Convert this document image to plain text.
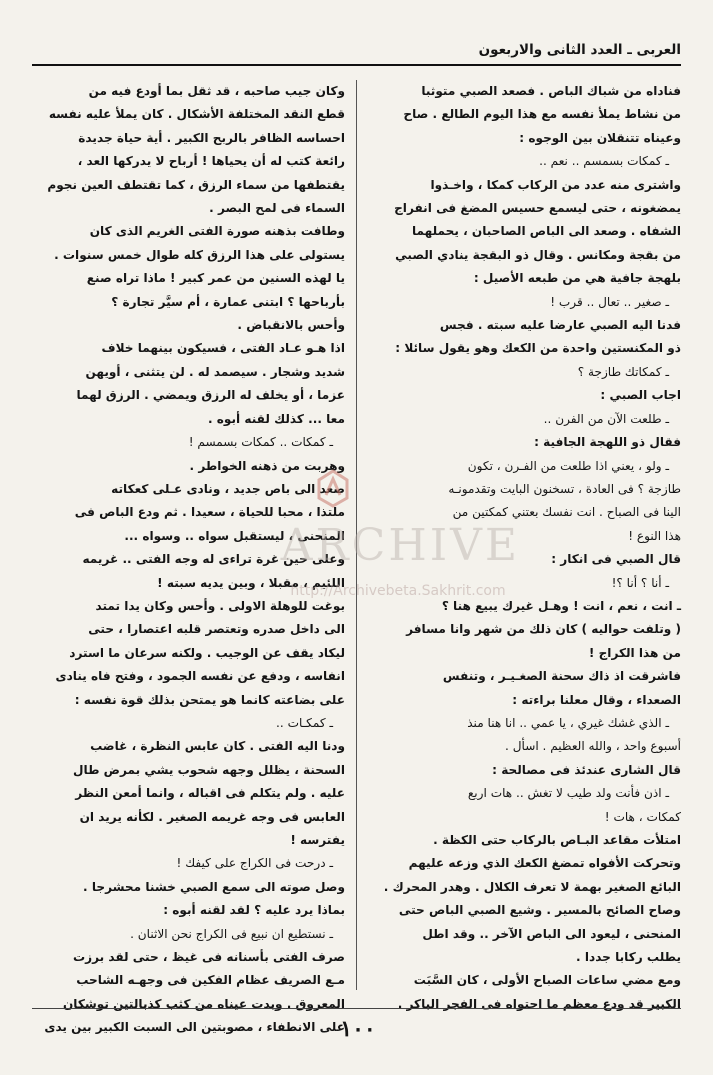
العربى ـ العدد الثانى والاربعون
فناداه من شباك الباص . فصعد الصبي متوثبا
من نشاط يملأ نفسه مع هذا اليوم الطالع . صاح
وعيناه تتنقلان بين الوجوه :
ـ كمكات بسمسم .. نعم ..
واشترى منه عدد من الركاب كمكا ، واخـذوا
يمضغونه ، حتى ليسمع حسيس المضغ فى انفراج
الشفاه . وصعد الى الباص الصاحبان ، يحملهما
من بقجة ومكانس . وقال ذو البقجة ينادي الصبي
بلهجة جافية هي من طبعه الأصيل :
ـ صغير .. تعال .. قرب !
فدنا اليه الصبي عارضا عليه سبته . فجس
ذو المكنستين واحدة من الكعك وهو يقول سائلا :
ـ كمكاتك طازجة ؟
اجاب الصبي :
ـ طلعت الآن من الفرن ..
فقال ذو اللهجة الجافية :
ـ ولو ، يعني اذا طلعت من الفـرن ، تكون
طازجة ؟ فى العادة ، تسخنون البايت وتقدمونـه
الينا فى الصباح . انت نفسك بعتني كمكتين من
هذا النوع !
قال الصبي فى انكار :
ـ أنا ؟ أنا ؟!
ـ انت ، نعم ، انت ! وهـل غيرك يبيع هنا ؟
( وتلفت حواليه ) كان ذلك من شهر وانا مسافر
من هذا الكراج !
فاشرقت اذ ذاك سحنة الصغـيـر ، وتنفس
الصعداء ، وقال معلنا براءته :
ـ الذي غشك غيري ، يا عمي .. انا هنا منذ
أسبوع واحد ، والله العظيم . اسأل .
قال الشارى عندئذ فى مصالحة :
ـ اذن فأنت ولد طيب لا تغش .. هات اربع
كمكات ، هات !
امتلأت مقاعد البـاص بالركاب حتى الكظة .
وتحركت الأفواه تمضغ الكعك الذي وزعه عليهم
البائع الصغير بهمة لا تعرف الكلال . وهدر المحرك .
وصاح الصائح بالمسير . وشيع الصبي الباص حتى
المنحنى ، ليعود الى الباص الآخر .. وقد اطل
يطلب ركابا جددا .
ومع مضي ساعات الصباح الأولى ، كان السَّبَت
الكبير قد ودع معظم ما احتواه فى الفجر الباكر .
وكان جيب صاحبه ، قد ثقل بما أودع فيه من
قطع النقد المختلفة الأشكال . كان يملأ عليه نفسه
احساسه الظافر بالربح الكبير . أية حياة جديدة
رائعة كتب له أن يحياها ! أرباح لا يدركها العد ،
يقتطفها من سماء الرزق ، كما تقتطف العين نجوم
السماء فى لمح البصر .
وطافت بذهنه صورة الفتى الغريم الذى كان
يستولى على هذا الرزق كله طوال خمس سنوات .
يا لهذه السنين من عمر كبير ! ماذا تراه صنع
بأرباحها ؟ ابتنى عمارة ، أم سيَّر تجارة ؟
وأحس بالانقباض .
اذا هـو عـاد الفتى ، فسيكون بينهما خلاف
شديد وشجار . سيصمد له . لن يتثنى ، أويهن
عزما ، أو يخلف له الرزق ويمضي . الرزق لهما
معا ... كذلك لقنه أبوه .
ـ كمكات .. كمكات بسمسم !
وهربت من ذهنه الخواطر .
صعد الى باص جديد ، ونادى عـلى كعكاته
ملتذا ، محبا للحياة ، سعيدا . ثم ودع الباص فى
المنحنى ، ليستقبل سواه .. وسواه ...
وعلى حين غرة تراءى له وجه الفتى .. غريمه
اللئيم ، مقبلا ، وبين يديه سبته !
بوغت للوهلة الاولى . وأحس وكان يدا تمتد
الى داخل صدره وتعتصر قلبه اعتصارا ، حتى
ليكاد يقف عن الوجيب . ولكنه سرعان ما استرد
انفاسه ، ودفع عن نفسه الجمود ، وفتح فاه ينادى
على بضاعته كانما هو يمتحن بذلك قوة نفسه :
ـ كمكـات ..
ودنا اليه الفتى . كان عابس النظرة ، غاضب
السحنة ، يظلل وجهه شحوب يشي بمرض طال
عليه . ولم يتكلم فى اقباله ، وانما أمعن النظر
العابس فى وجه غريمه الصغير . لكأنه يريد ان
يفترسه !
ـ درحت فى الكراج على كيفك !
وصل صوته الى سمع الصبي خشنا محشرجا .
بماذا يرد عليه ؟ لقد لقنه أبوه :
ـ نستطيع ان نبيع فى الكراج نحن الاثنان .
صرف الفتى بأسنانه فى غيظ ، حتى لقد برزت
مـع الصريف عظام الفكين فى وجهـه الشاحب
المعروق . وبدت عيناه من كثب كذبالتين توشكان
على الانطفاء ، مصوبتين الى السبت الكبير بين يدى
ARCHIVE
http://Archivebeta.Sakhrit.com
١٠٠
